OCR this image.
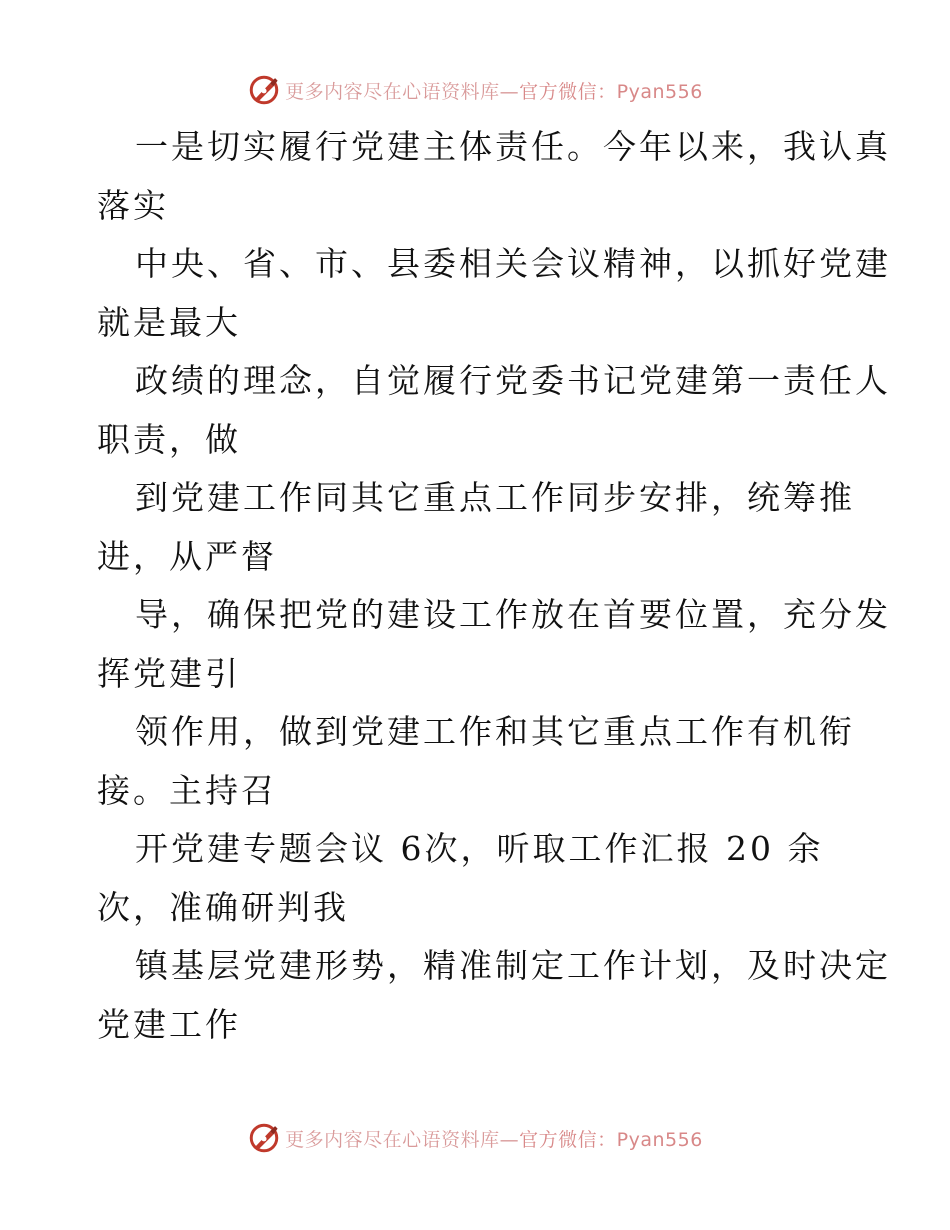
更多内容尽在心语资料库— 官方微信：Pyan556
一是切实履行党建主体责任。今年以来，我认真
落实
中央、省、市、县委相关会议精神，以抓好党建
就是最大
政绩的理念，自觉履行党委书记党建第一责任人
职责，做
到党建工作同其它重点工作同步安排，统筹推
进，从严督
导，确保把党的建设工作放在首要位置，充分发
挥党建引
领作用，做到党建工作和其它重点工作有机衔
接。主持召
开党建专题会议 6次，听取工作汇报 20 余
次，准确研判我
镇基层党建形势，精准制定工作计划，及时决定
党建工作
更多内容尽在心语资料库— 官方微信：Pyan556
